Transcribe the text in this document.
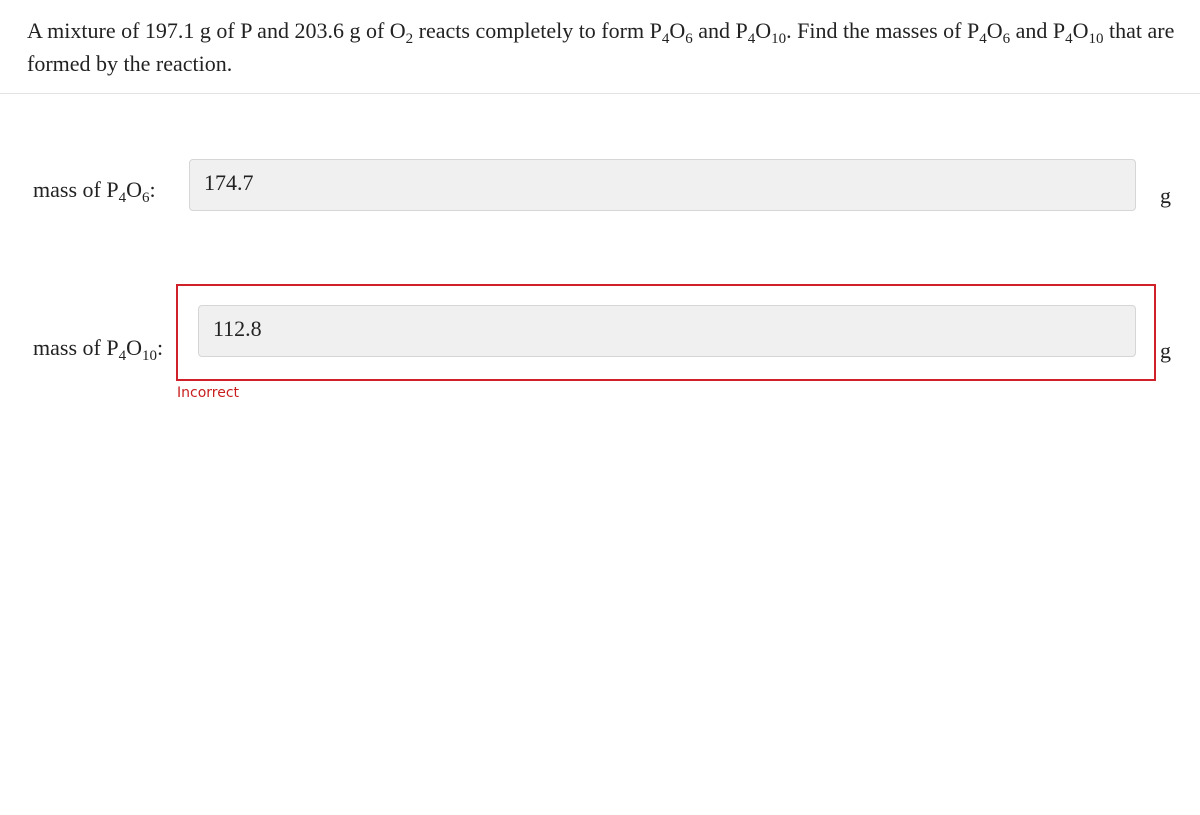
A mixture of 197.1 g of P and 203.6 g of $O_2$ reacts completely to form $P_4O_6$ and $P_4O_{10}$. Find the masses of $P_4O_6$ and $P_4O_{10}$ that are formed by the reaction.

mass of $P_4O_6$:	174.7
g
mass of $P_4O_{10}$:
112.8
g
Incorrect
